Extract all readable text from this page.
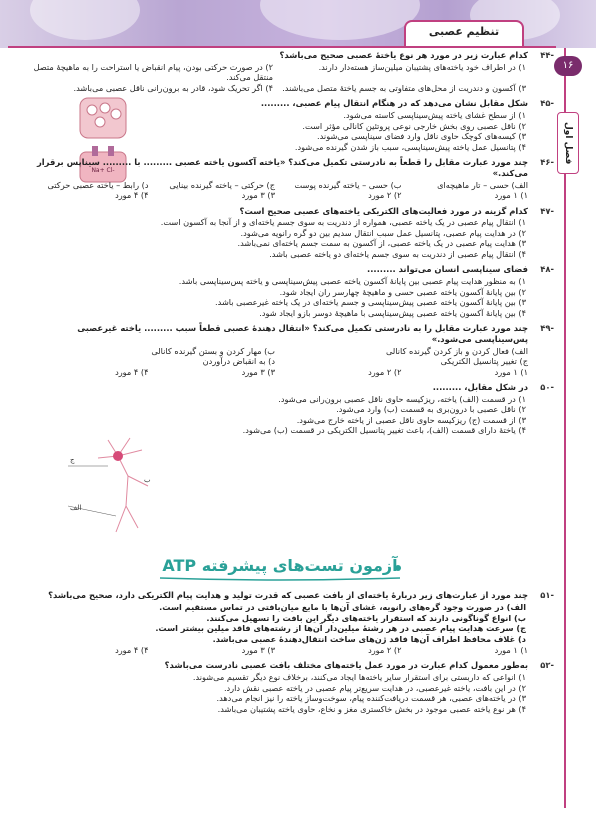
تنظیم عصبی
۱۶
فصل اول
Na+ Cl-
ج
ب
الف
-۴۴
کدام عبارت زیر در مورد هر نوع یاختهٔ عصبی صحیح می‌باشد؟
۱) در اطراف خود یاخته‌های پشتیبان میلین‌ساز هسته‌دار دارند.
۲) در صورت حرکتی بودن، پیام انقباض یا استراحت را به ماهیچهٔ متصل منتقل می‌کند.
۳) آکسون و دندریت از محل‌های متفاوتی به جسم یاختهٔ متصل می‌باشند.
۴) اگر تحریک شود، قادر به برون‌رانی ناقل عصبی می‌باشد.
-۴۵
شکل مقابل نشان می‌دهد که در هنگام انتقال پیام عصبی، .........
۱) از سطح غشای یاخته پیش‌سیناپسی کاسته می‌شود.
۲) ناقل عصبی روی بخش خارجی نوعی پروتئین کانالی مؤثر است.
۳) کیسه‌های کوچک حاوی ناقل وارد فضای سیناپسی می‌شوند.
۴) پتانسیل عمل یاخته پیش‌سیناپسی، سبب باز شدن گیرنده می‌شود.
-۴۶
چند مورد عبارت مقابل را قطعاً به نادرستی تکمیل می‌کند؟ «یاخته آکسون یاخته عصبی ......... با ......... سیناپس برقرار می‌کند.»
الف) حسی – تار ماهیچه‌ای
ب) حسی – یاخته گیرنده پوست
ج) حرکتی – یاخته گیرنده بینایی
د) رابط – یاخته عصبی حرکتی
۱) ۱ مورد
۲) ۲ مورد
۳) ۳ مورد
۴) ۴ مورد
-۴۷
کدام گزینه در مورد فعالیت‌های الکتریکی یاخته‌های عصبی صحیح است؟
۱) انتقال پیام عصبی در یک یاخته عصبی، همواره از دندریت به سوی جسم یاخته‌ای و از آنجا به آکسون است.
۲) در هدایت پیام عصبی، پتانسیل عمل سبب انتقال سدیم بین دو گره رانویه می‌شود.
۳) هدایت پیام عصبی در یک یاخته عصبی، از آکسون به سمت جسم یاخته‌ای نمی‌باشد.
۴) انتقال پیام عصبی از دندریت به سوی جسم یاخته‌ای دو یاخته عصبی باشد.
-۴۸
فضای سیناپسی انسان می‌تواند .........
۱) به منظور هدایت پیام عصبی بین پایانهٔ آکسون یاخته عصبی پیش‌سیناپسی و یاخته پس‌سیناپسی باشد.
۲) بین پایانهٔ آکسون یاخته عصبی حسی و ماهیچهٔ چهارسر ران ایجاد شود.
۳) بین پایانهٔ آکسون یاخته عصبی پیش‌سیناپسی و جسم یاخته‌ای در یک یاخته غیرعصبی باشد.
۴) بین پایانهٔ آکسون یاخته عصبی پیش‌سیناپسی با ماهیچهٔ دوسر بازو ایجاد شود.
-۴۹
چند مورد عبارت مقابل را به نادرستی تکمیل می‌کند؟ «انتقال دهندهٔ عصبی قطعاً سبب ......... یاخته غیرعصبی پس‌سیناپسی می‌شود.»
الف) فعال کردن و باز کردن گیرنده کانالی
ب) مهار کردن و بستن گیرنده کانالی
ج) تغییر پتانسیل الکتریکی
د) به انقباض درآوردن
۱) ۱ مورد
۲) ۲ مورد
۳) ۳ مورد
۴) ۴ مورد
-۵۰
در شکل مقابل، .........
۱) در قسمت (الف) یاخته، ریزکیسه حاوی ناقل عصبی برون‌رانی می‌شود.
۲) ناقل عصبی با درون‌بری به قسمت (ب) وارد می‌شود.
۳) از قسمت (ج) ریزکیسه حاوی ناقل عصبی از یاخته خارج می‌شود.
۴) یاختهٔ دارای قسمت (الف)، باعث تغییر پتانسیل الکتریکی در قسمت (ب) می‌شود.
آزمون تست‌های پیشرفته ATP
-۵۱
چند مورد از عبارت‌های زیر دربارهٔ یاخته‌ای از بافت عصبی که قدرت تولید و هدایت پیام الکتریکی دارد، صحیح می‌باشد؟
الف) در صورت وجود گره‌های رانویه، غشای آن‌ها با مایع میان‌بافتی در تماس مستقیم است.
ب) انواع گوناگونی دارند که استقرار یاخته‌های دیگر این بافت را تسهیل می‌کنند.
ج) سرعت هدایت پیام عصبی در هر رشتهٔ میلین‌دار آن‌ها از رشته‌های فاقد میلین بیشتر است.
د) غلاف محافظ اطراف آن‌ها فاقد ژن‌های ساخت انتقال‌دهندهٔ عصبی می‌باشد.
۱) ۱ مورد
۲) ۲ مورد
۳) ۳ مورد
۴) ۴ مورد
-۵۲
به‌طور معمول کدام عبارت در مورد عمل یاخته‌های مختلف بافت عصبی نادرست می‌باشد؟
۱) انواعی که داربستی برای استقرار سایر یاخته‌ها ایجاد می‌کنند، برخلاف نوع دیگر تقسیم می‌شوند.
۲) در این بافت، یاخته غیرعصبی، در هدایت سریع‌تر پیام عصبی در یاخته عصبی نقش دارد.
۳) در یاخته‌های عصبی، هر قسمت دریافت‌کننده پیام، سوخت‌وساز یاخته را نیز انجام می‌دهد.
۴) هر نوع یاخته عصبی موجود در بخش خاکستری مغز و نخاع، حاوی یاخته پشتیبان می‌باشد.
